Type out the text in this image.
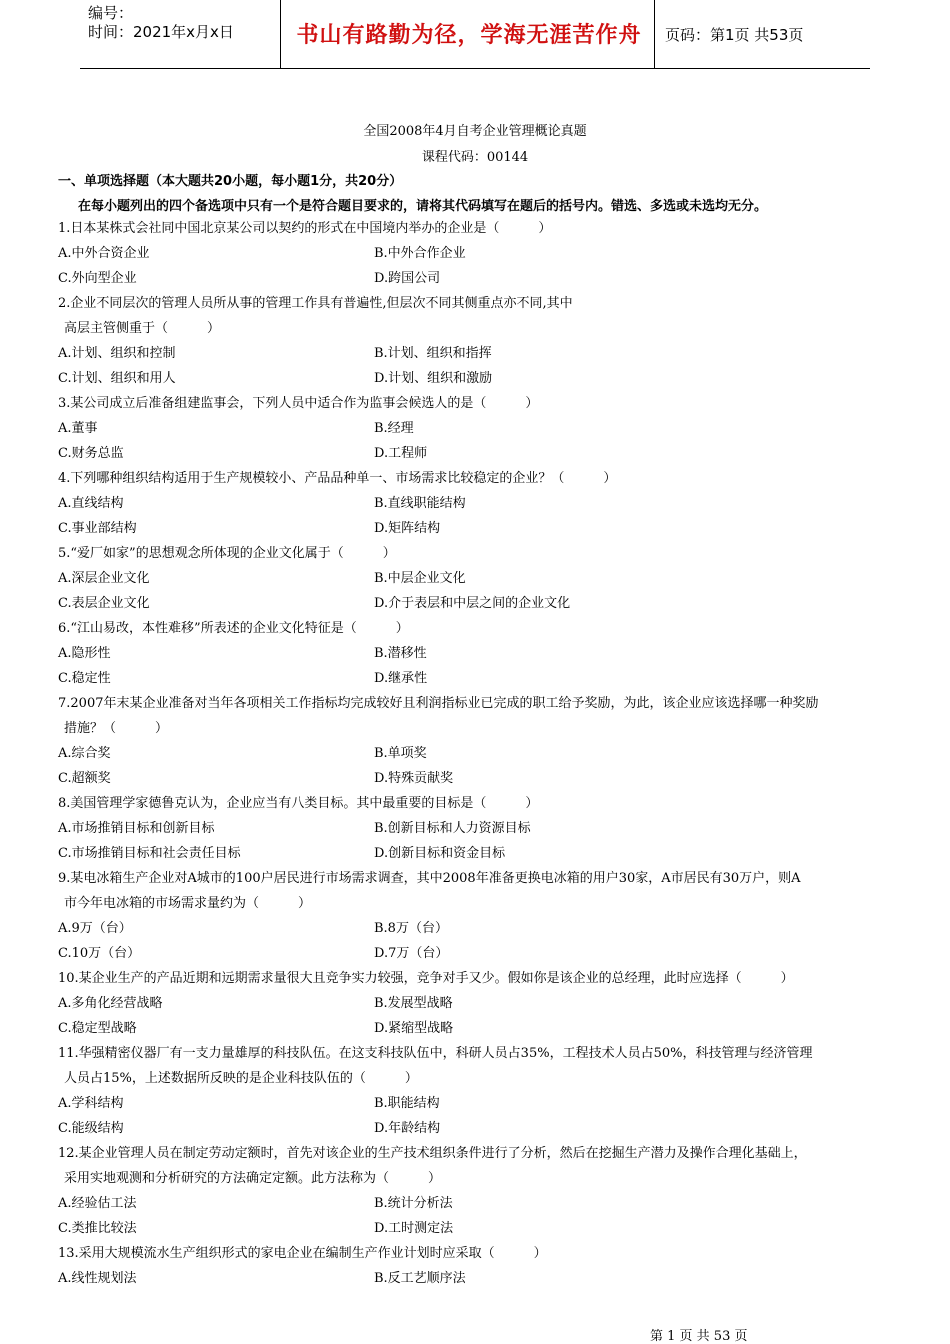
编号：
时间：2021年x月x日	书山有路勤为径，学海无涯苦作舟	页码：第1页 共53页
全国2008年4月自考企业管理概论真题
课程代码：00144
一、单项选择题（本大题共20小题，每小题1分，共20分）
在每小题列出的四个备选项中只有一个是符合题目要求的，请将其代码填写在题后的括号内。错选、多选或未选均无分。
1.日本某株式会社同中国北京某公司以契约的形式在中国境内举办的企业是（　　　）
A.中外合资企业	B.中外合作企业
C.外向型企业	D.跨国公司
2.企业不同层次的管理人员所从事的管理工作具有普遍性,但层次不同其侧重点亦不同,其中
高层主管侧重于（　　　）
A.计划、组织和控制	B.计划、组织和指挥
C.计划、组织和用人	D.计划、组织和激励
3.某公司成立后准备组建监事会，下列人员中适合作为监事会候选人的是（　　　）
A.董事	B.经理
C.财务总监	D.工程师
4.下列哪种组织结构适用于生产规模较小、产品品种单一、市场需求比较稳定的企业？（　　　）
A.直线结构	B.直线职能结构
C.事业部结构	D.矩阵结构
5.“爱厂如家”的思想观念所体现的企业文化属于（　　　）
A.深层企业文化	B.中层企业文化
C.表层企业文化	D.介于表层和中层之间的企业文化
6.“江山易改，本性难移”所表述的企业文化特征是（　　　）
A.隐形性	B.潜移性
C.稳定性	D.继承性
7.2007年末某企业准备对当年各项相关工作指标均完成较好且利润指标业已完成的职工给予奖励，为此，该企业应该选择哪一种奖励
措施？（　　　）
A.综合奖	B.单项奖
C.超额奖	D.特殊贡献奖
8.美国管理学家德鲁克认为，企业应当有八类目标。其中最重要的目标是（　　　）
A.市场推销目标和创新目标	B.创新目标和人力资源目标
C.市场推销目标和社会责任目标	D.创新目标和资金目标
9.某电冰箱生产企业对A城市的100户居民进行市场需求调查，其中2008年准备更换电冰箱的用户30家，A市居民有30万户，则A
市今年电冰箱的市场需求量约为（　　　）
A.9万（台）	B.8万（台）
C.10万（台）	D.7万（台）
10.某企业生产的产品近期和远期需求量很大且竞争实力较强，竞争对手又少。假如你是该企业的总经理，此时应选择（　　　）
A.多角化经营战略	B.发展型战略
C.稳定型战略	D.紧缩型战略
11.华强精密仪器厂有一支力量雄厚的科技队伍。在这支科技队伍中，科研人员占35%，工程技术人员占50%，科技管理与经济管理
人员占15%，上述数据所反映的是企业科技队伍的（　　　）
A.学科结构	B.职能结构
C.能级结构	D.年龄结构
12.某企业管理人员在制定劳动定额时，首先对该企业的生产技术组织条件进行了分析，然后在挖掘生产潜力及操作合理化基础上，
采用实地观测和分析研究的方法确定定额。此方法称为（　　　）
A.经验估工法	B.统计分析法
C.类推比较法	D.工时测定法
13.采用大规模流水生产组织形式的家电企业在编制生产作业计划时应采取（　　　）
A.线性规划法	B.反工艺顺序法
第 1 页 共 53 页
